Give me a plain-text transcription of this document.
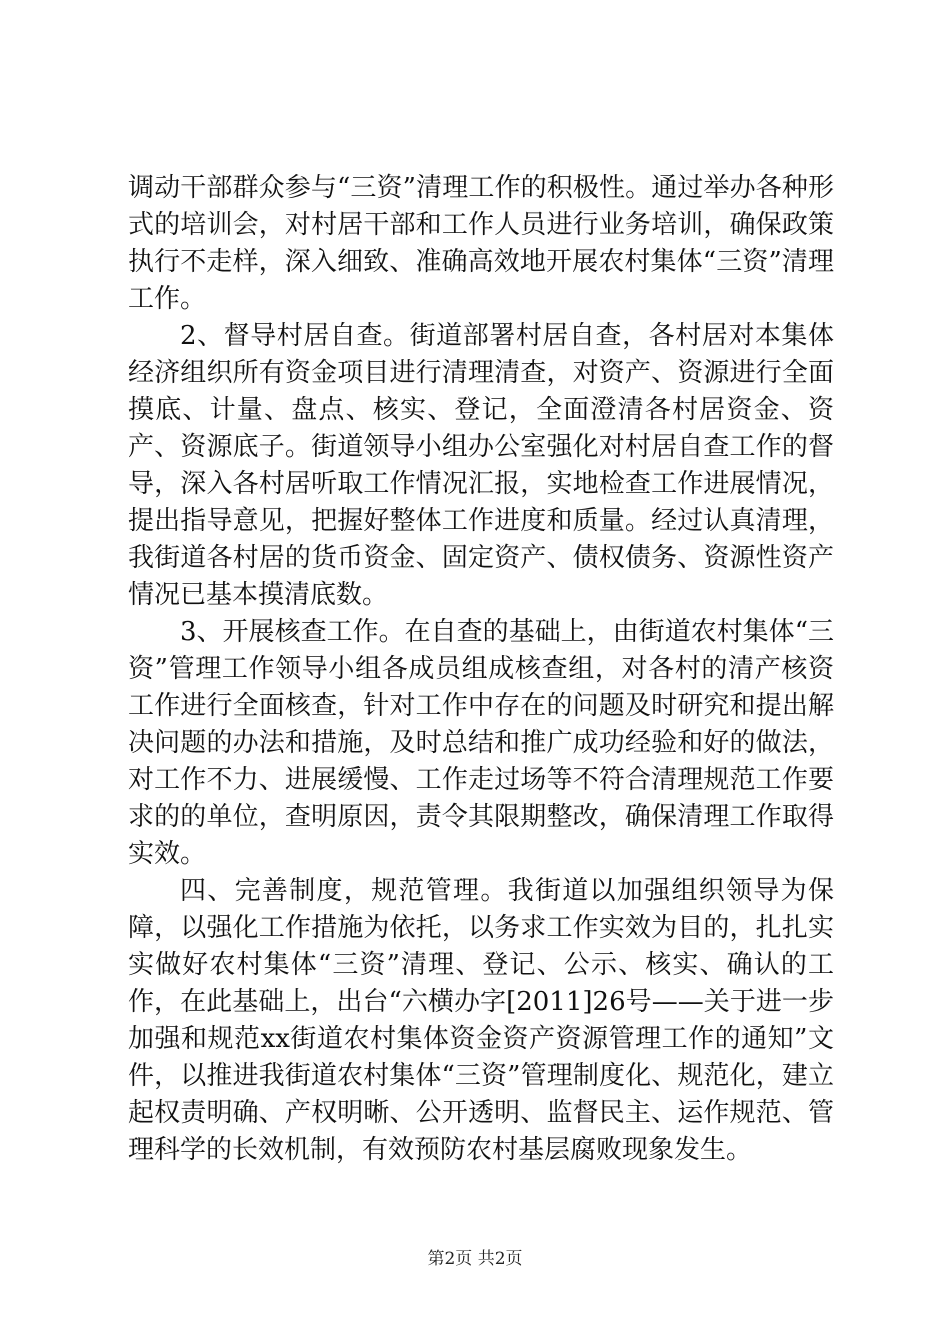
调动干部群众参与“三资”清理工作的积极性。通过举办各种形式的培训会，对村居干部和工作人员进行业务培训，确保政策执行不走样，深入细致、准确高效地开展农村集体“三资”清理工作。

2、督导村居自查。街道部署村居自查，各村居对本集体经济组织所有资金项目进行清理清查，对资产、资源进行全面摸底、计量、盘点、核实、登记，全面澄清各村居资金、资产、资源底子。街道领导小组办公室强化对村居自查工作的督导，深入各村居听取工作情况汇报，实地检查工作进展情况，提出指导意见，把握好整体工作进度和质量。经过认真清理，我街道各村居的货币资金、固定资产、债权债务、资源性资产情况已基本摸清底数。

3、开展核查工作。在自查的基础上，由街道农村集体“三资”管理工作领导小组各成员组成核查组，对各村的清产核资工作进行全面核查，针对工作中存在的问题及时研究和提出解决问题的办法和措施，及时总结和推广成功经验和好的做法，对工作不力、进展缓慢、工作走过场等不符合清理规范工作要求的的单位，查明原因，责令其限期整改，确保清理工作取得实效。

四、完善制度，规范管理。我街道以加强组织领导为保障，以强化工作措施为依托，以务求工作实效为目的，扎扎实实做好农村集体“三资”清理、登记、公示、核实、确认的工作，在此基础上，出台“六横办字[2011]26号——关于进一步加强和规范xx街道农村集体资金资产资源管理工作的通知”文件，以推进我街道农村集体“三资”管理制度化、规范化，建立起权责明确、产权明晰、公开透明、监督民主、运作规范、管理科学的长效机制，有效预防农村基层腐败现象发生。

第2页 共2页
